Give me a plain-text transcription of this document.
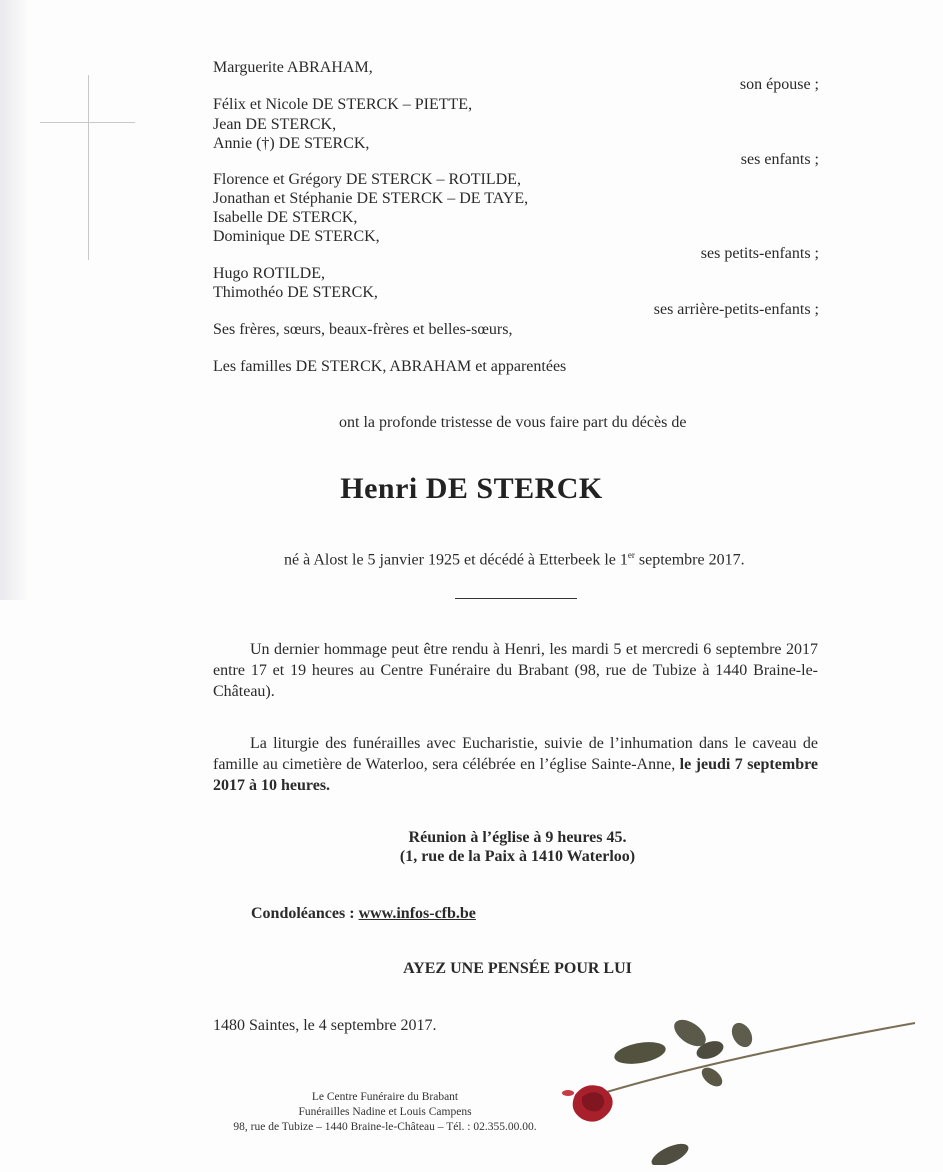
Marguerite ABRAHAM,
son épouse ;
Félix et Nicole DE STERCK – PIETTE,
Jean DE STERCK,
Annie (†) DE STERCK,
ses enfants ;
Florence et Grégory DE STERCK – ROTILDE,
Jonathan et Stéphanie DE STERCK – DE TAYE,
Isabelle DE STERCK,
Dominique DE STERCK,
ses petits-enfants ;
Hugo ROTILDE,
Thimothéo DE STERCK,
ses arrière-petits-enfants ;
Ses frères, sœurs, beaux-frères et belles-sœurs,
Les familles DE STERCK, ABRAHAM et apparentées
ont la profonde tristesse de vous faire part du décès de
Henri DE STERCK
né à Alost le 5 janvier 1925 et décédé à Etterbeek le 1er septembre 2017.
Un dernier hommage peut être rendu à Henri, les mardi 5 et mercredi 6 septembre 2017 entre 17 et 19 heures au Centre Funéraire du Brabant (98, rue de Tubize à 1440 Braine-le-Château).
La liturgie des funérailles avec Eucharistie, suivie de l’inhumation dans le caveau de famille au cimetière de Waterloo, sera célébrée en l’église Sainte-Anne, le jeudi 7 septembre 2017 à 10 heures.
Réunion à l’église à 9 heures 45.
(1, rue de la Paix à 1410 Waterloo)
Condoléances : www.infos-cfb.be
AYEZ UNE PENSÉE POUR LUI
1480 Saintes, le 4 septembre 2017.
Le Centre Funéraire du Brabant
Funérailles Nadine et Louis Campens
98, rue de Tubize – 1440 Braine-le-Château – Tél. : 02.355.00.00.
